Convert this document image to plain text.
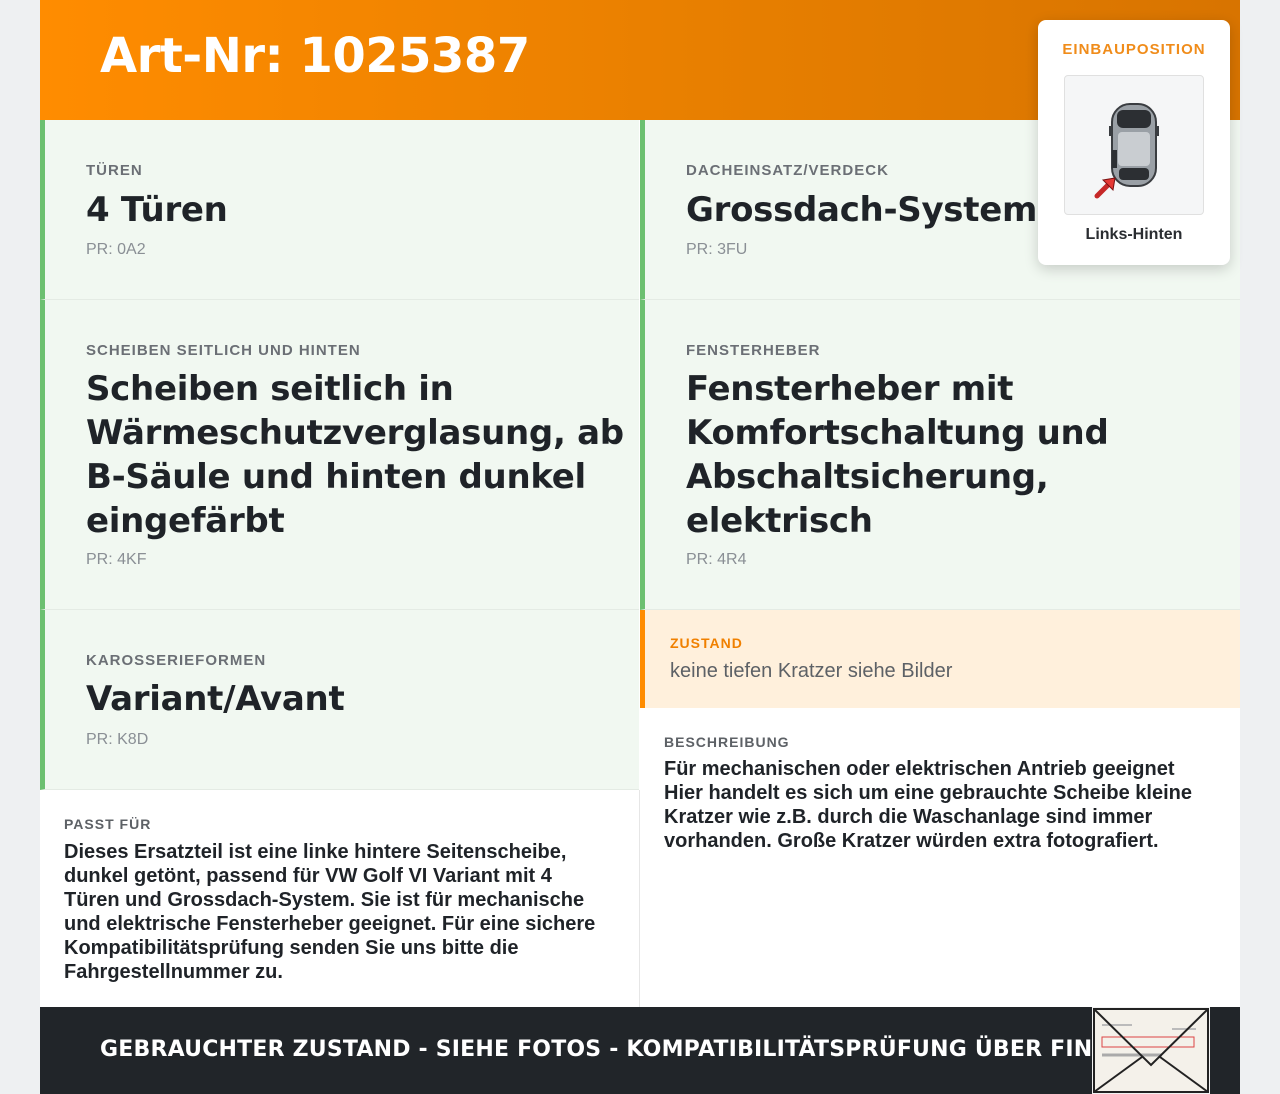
Art-Nr: 1025387
TÜREN
4 Türen
PR: 0A2
DACHEINSATZ/VERDECK
Grossdach-System
PR: 3FU
SCHEIBEN SEITLICH UND HINTEN
Scheiben seitlich in
Wärmeschutzverglasung, ab
B-Säule und hinten dunkel
eingefärbt
PR: 4KF
FENSTERHEBER
Fensterheber mit
Komfortschaltung und
Abschaltsicherung,
elektrisch
PR: 4R4
KAROSSERIEFORMEN
Variant/Avant
PR: K8D
ZUSTAND
keine tiefen Kratzer siehe Bilder
PASST FÜR
Dieses Ersatzteil ist eine linke hintere Seitenscheibe,
dunkel getönt, passend für VW Golf VI Variant mit 4
Türen und Grossdach-System. Sie ist für mechanische
und elektrische Fensterheber geeignet. Für eine sichere
Kompatibilitätsprüfung senden Sie uns bitte die
Fahrgestellnummer zu.
BESCHREIBUNG
Für mechanischen oder elektrischen Antrieb geeignet
Hier handelt es sich um eine gebrauchte Scheibe kleine
Kratzer wie z.B. durch die Waschanlage sind immer
vorhanden. Große Kratzer würden extra fotografiert.
GEBRAUCHTER ZUSTAND - SIEHE FOTOS - KOMPATIBILITÄTSPRÜFUNG ÜBER FIN
EINBAUPOSITION
Links-Hinten
